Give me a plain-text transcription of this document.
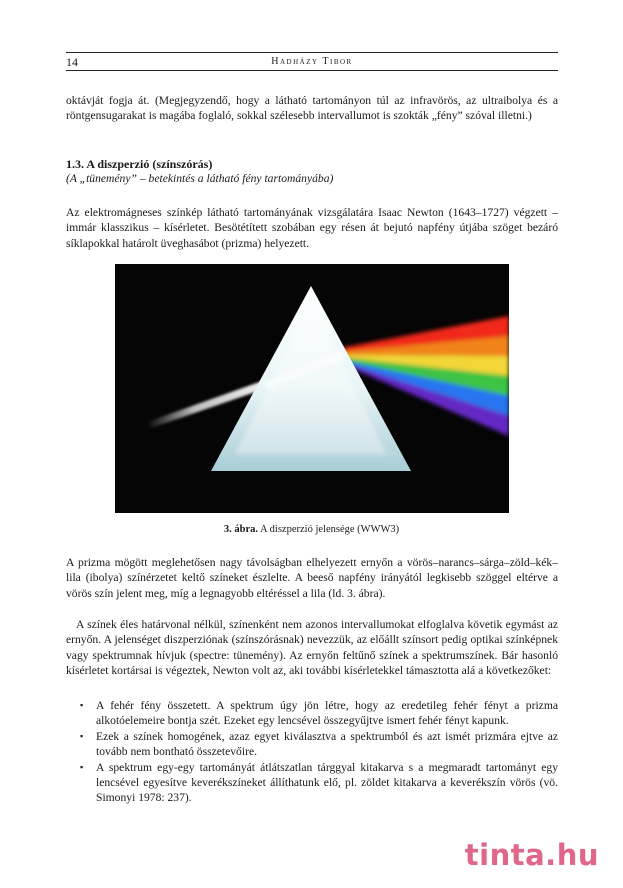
14	Hadházy Tibor

oktávját fogja át. (Megjegyzendő, hogy a látható tartományon túl az infravörös, az ultraibolya és a röntgensugarakat is magába foglaló, sokkal szélesebb intervallumot is szokták „fény” szóval illetni.)

1.3. A diszperzió (színszórás)

(A „tünemény” – betekintés a látható fény tartományába)

Az elektromágneses színkép látható tartományának vizsgálatára Isaac Newton (1643–1727) végzett – immár klasszikus – kísérletet. Besötétített szobában egy résen át bejutó napfény útjába szöget bezáró síklapokkal határolt üveghasábot (prizma) helyezett.

3. ábra. A diszperzió jelensége (WWW3)

A prizma mögött meglehetősen nagy távolságban elhelyezett ernyőn a vörös–narancs–sárga–zöld–kék–lila (ibolya) színérzetet keltő színeket észlelte. A beeső napfény irányától legkisebb szöggel eltérve a vörös szín jelent meg, míg a legnagyobb eltéréssel a lila (ld. 3. ábra).

A színek éles határvonal nélkül, színenként nem azonos intervallumokat elfoglalva követik egymást az ernyőn. A jelenséget diszperziónak (színszórásnak) nevezzük, az előállt színsort pedig optikai színképnek vagy spektrumnak hívjuk (spectre: tünemény). Az ernyőn feltűnő színek a spektrumszínek. Bár hasonló kísérletet kortársai is végeztek, Newton volt az, aki további kísérletekkel támasztotta alá a következőket:

▪ A fehér fény összetett. A spektrum úgy jön létre, hogy az eredetileg fehér fényt a prizma alkotóelemeire bontja szét. Ezeket egy lencsével összegyűjtve ismert fehér fényt kapunk.
▪ Ezek a színek homogének, azaz egyet kiválasztva a spektrumból és azt ismét prizmára ejtve az tovább nem bontható összetevőire.
▪ A spektrum egy-egy tartományát átlátszatlan tárggyal kitakarva s a megmaradt tartományt egy lencsével egyesítve keverékszíneket állíthatunk elő, pl. zöldet kitakarva a keverékszín vörös (vö. Simonyi 1978: 237).
tinta.hu
